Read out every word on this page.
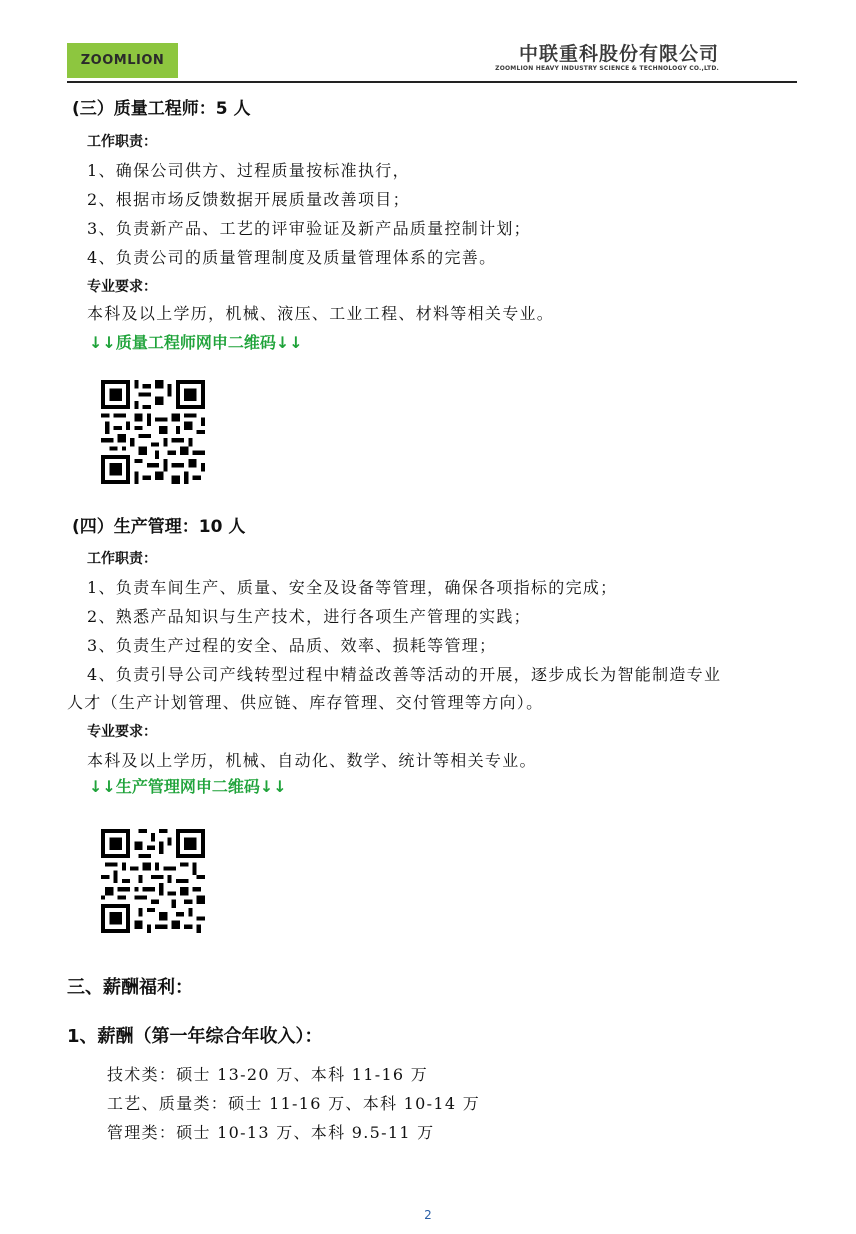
ZOOMLION	中联重科股份有限公司
ZOOMLION HEAVY INDUSTRY SCIENCE & TECHNOLOGY CO.,LTD.
(三）质量工程师：5 人
工作职责：
1、确保公司供方、过程质量按标准执行，
2、根据市场反馈数据开展质量改善项目；
3、负责新产品、工艺的评审验证及新产品质量控制计划；
4、负责公司的质量管理制度及质量管理体系的完善。
专业要求：
本科及以上学历，机械、液压、工业工程、材料等相关专业。
↓↓质量工程师网申二维码↓↓
(四）生产管理：10 人
工作职责：
1、负责车间生产、质量、安全及设备等管理，确保各项指标的完成；
2、熟悉产品知识与生产技术，进行各项生产管理的实践；
3、负责生产过程的安全、品质、效率、损耗等管理；
4、负责引导公司产线转型过程中精益改善等活动的开展，逐步成长为智能制造专业
人才（生产计划管理、供应链、库存管理、交付管理等方向）。
专业要求：
本科及以上学历，机械、自动化、数学、统计等相关专业。
↓↓生产管理网申二维码↓↓
三、薪酬福利：
1、薪酬（第一年综合年收入）：
技术类：硕士 13-20 万、本科 11-16 万
工艺、质量类：硕士 11-16 万、本科 10-14 万
管理类：硕士 10-13 万、本科 9.5-11 万
2
